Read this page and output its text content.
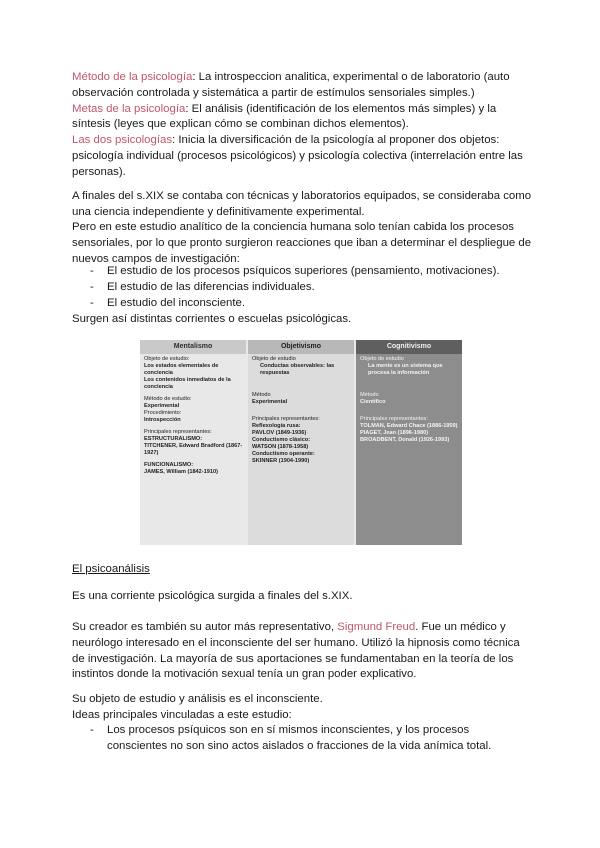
Método de la psicología: La introspeccion analitica, experimental o de laboratorio (auto observación controlada y sistemática a partir de estímulos sensoriales simples.)
Metas de la psicología: El análisis (identificación de los elementos más simples) y la síntesis (leyes que explican cómo se combinan dichos elementos).
Las dos psicologías: Inicia la diversificación de la psicología al proponer dos objetos: psicología individual (procesos psicológicos) y psicología colectiva (interrelación entre las personas).
A finales del s.XIX se contaba con técnicas y laboratorios equipados, se consideraba como una ciencia independiente y definitivamente experimental.
Pero en este estudio analítico de la conciencia humana solo tenían cabida los procesos sensoriales, por lo que pronto surgieron reacciones que iban a determinar el despliegue de nuevos campos de investigación:
- El estudio de los procesos psíquicos superiores (pensamiento, motivaciones).
- El estudio de las diferencias individuales.
- El estudio del inconsciente.
Surgen así distintas corrientes o escuelas psicológicas.
Mentalismo
Objeto de estudio:
Los estados elementales de conciencia
Los contenidos inmediatos de la conciencia
Método de estudio:
Experimental
Procedimiento:
Introspección
Principales representantes:
ESTRUCTURALISMO:
TITCHENER, Edward Bradford (1867-1927)
FUNCIONALISMO:
JAMES, William (1842-1910)
Objetivismo
Objeto de estudio
Conductas observables: las respuestas
Método
Experimental
Principales representantes:
Reflexología rusa:
PAVLOV (1849-1936)
Conductismo clásico:
WATSON (1878-1958)
Conductismo operante:
SKINNER (1904-1990)
Cognitivismo
Objeto de estudio
La mente es un sistema que procesa la información
Método
Científico
Principales representantes:
TOLMAN, Edward Chace (1886-1959)
PIAGET, Jean (1896-1980)
BROADBENT, Donald (1926-1993)
El psicoanálisis
Es una corriente psicológica surgida a finales del s.XIX.
Su creador es también su autor más representativo, Sigmund Freud. Fue un médico y neurólogo interesado en el inconsciente del ser humano. Utilizó la hipnosis como técnica de investigación. La mayoría de sus aportaciones se fundamentaban en la teoría de los instintos donde la motivación sexual tenía un gran poder explicativo.
Su objeto de estudio y análisis es el inconsciente.
Ideas principales vinculadas a este estudio:
- Los procesos psíquicos son en sí mismos inconscientes, y los procesos conscientes no son sino actos aislados o fracciones de la vida anímica total.
